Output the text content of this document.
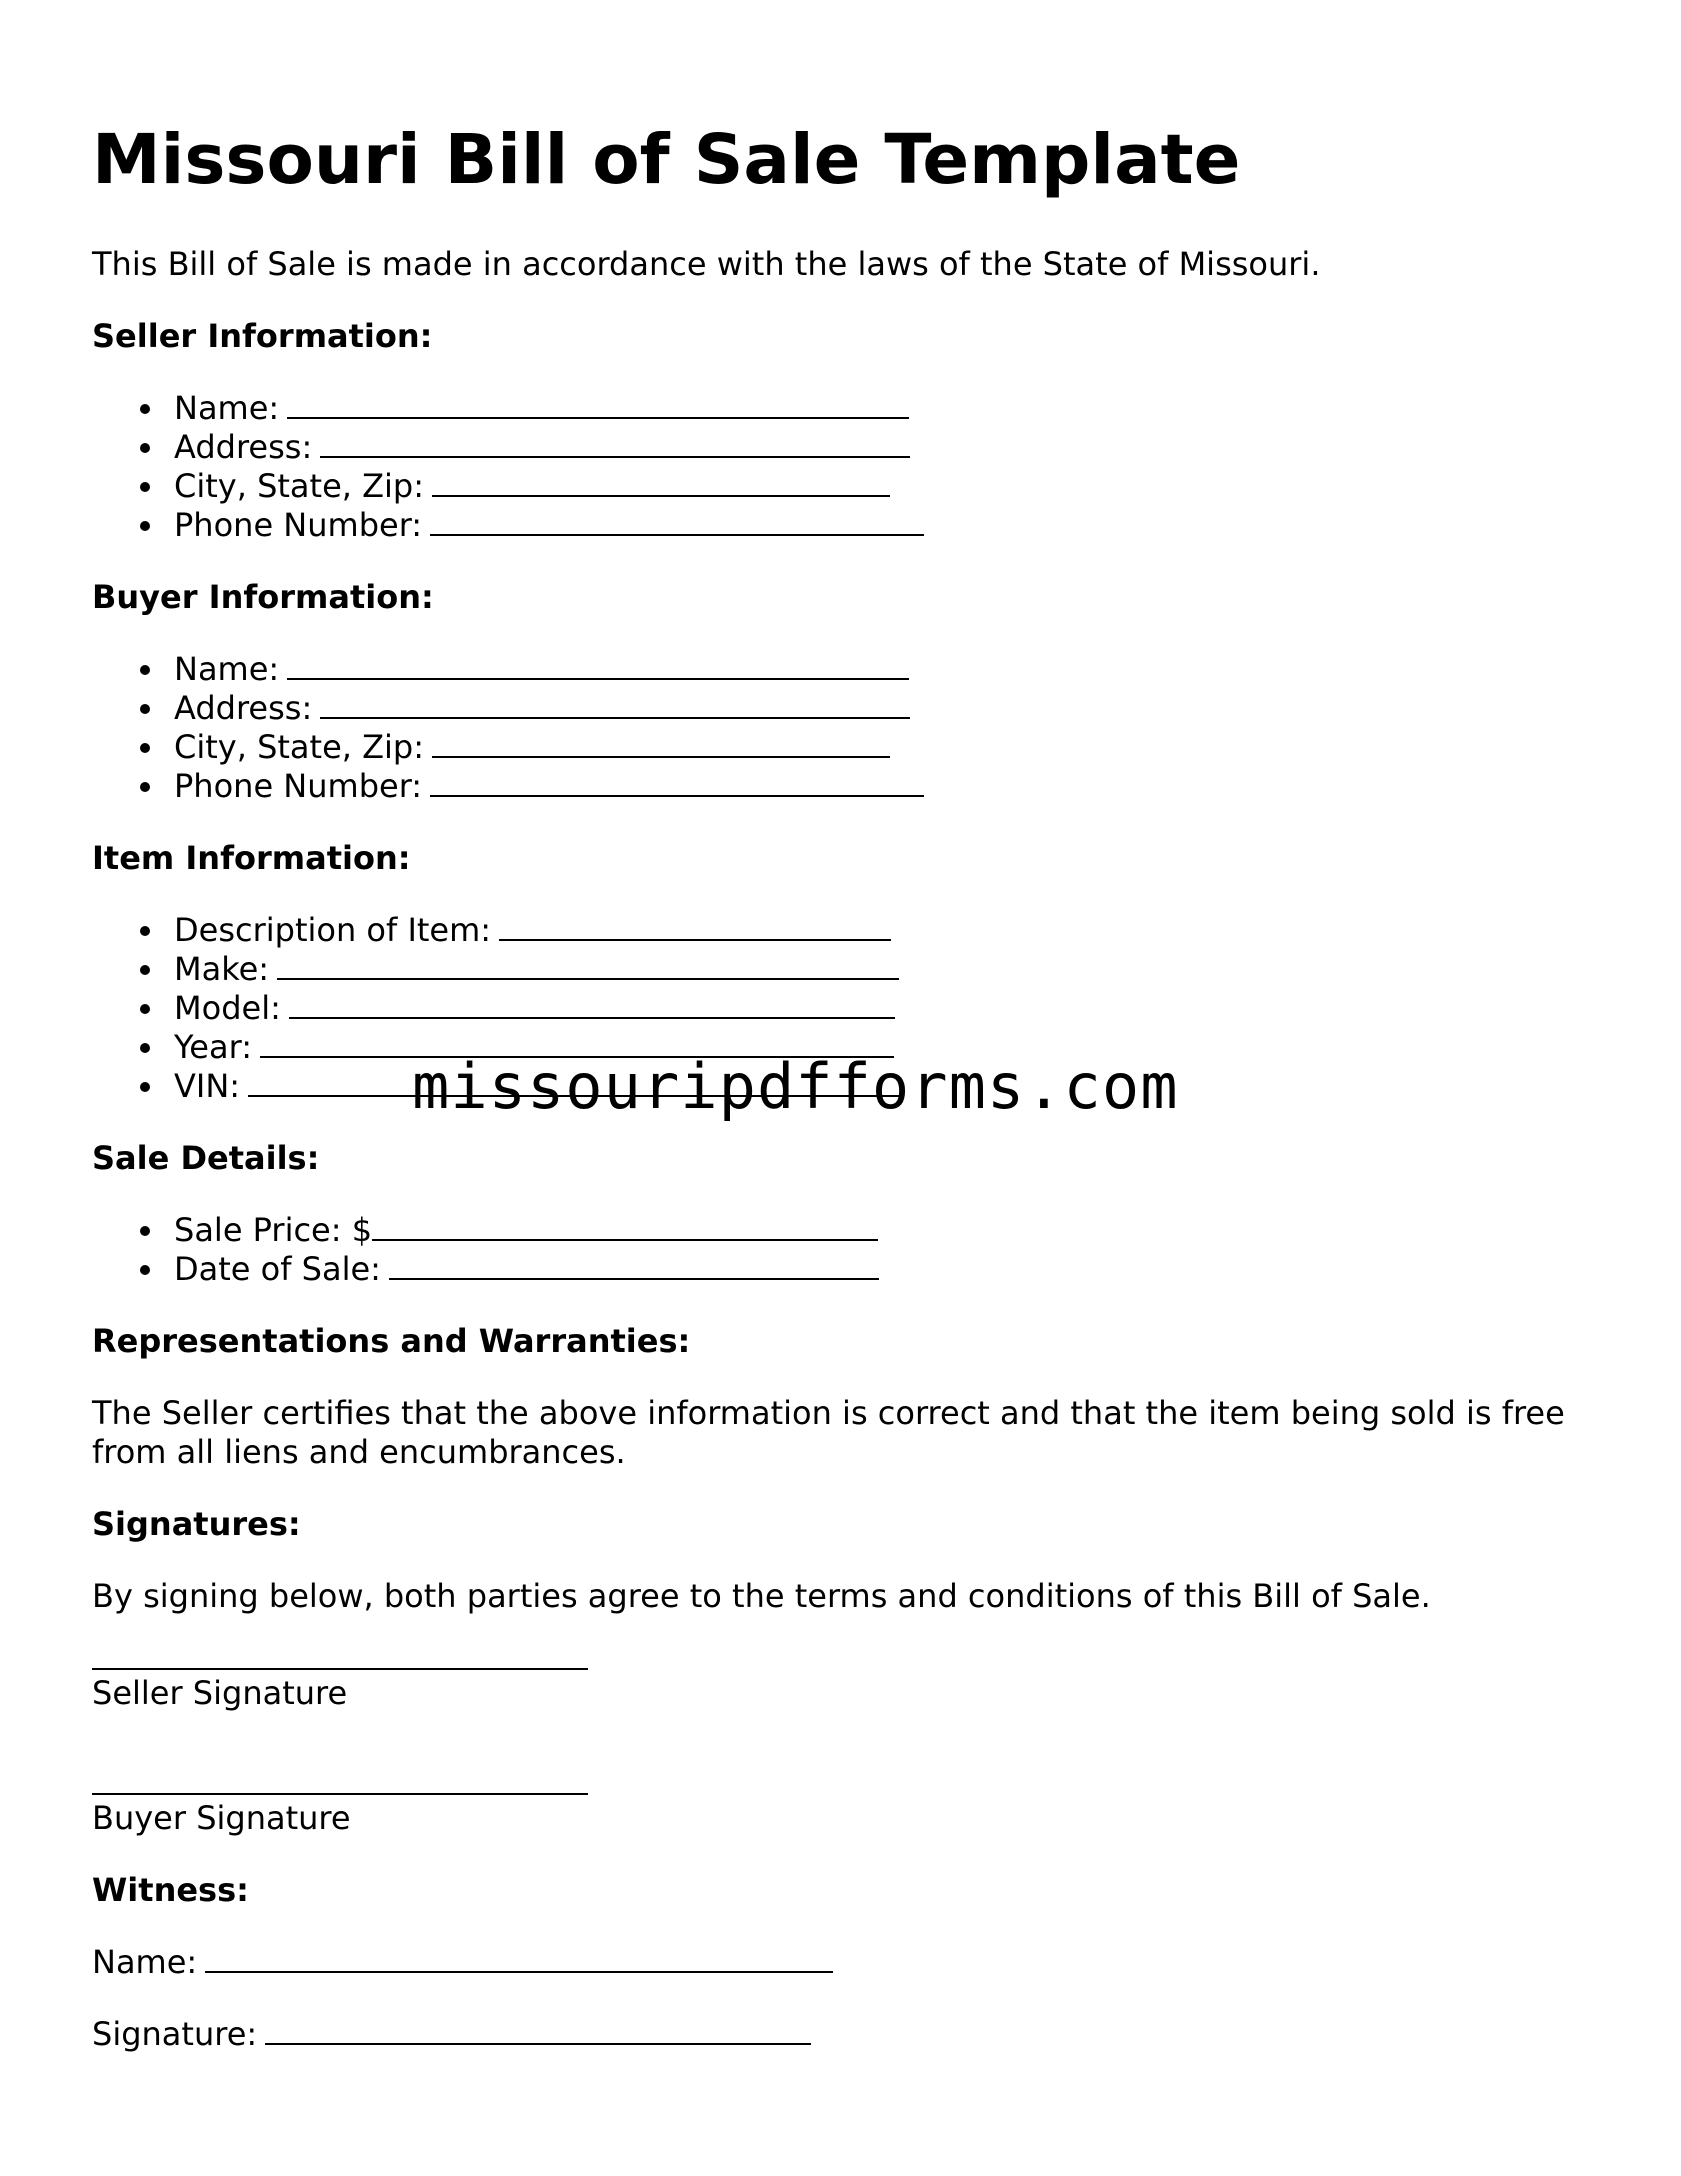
Missouri Bill of Sale Template

This Bill of Sale is made in accordance with the laws of the State of Missouri.

Seller Information:
Name:
Address:
City, State, Zip:
Phone Number:
Buyer Information:
Name:
Address:
City, State, Zip:
Phone Number:
Item Information:
Description of Item:
Make:
Model:
Year:
VIN:
Sale Details:
Sale Price: $
Date of Sale:
Representations and Warranties:

The Seller certifies that the above information is correct and that the item being sold is free from all liens and encumbrances.

Signatures:

By signing below, both parties agree to the terms and conditions of this Bill of Sale.

Seller Signature
Buyer Signature
Witness:
Name:
Signature:
missouripdfforms.com
